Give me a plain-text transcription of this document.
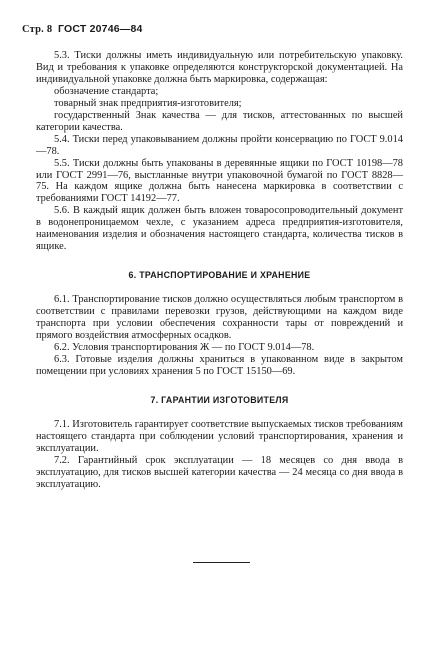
Стр. 8 ГОСТ 20746—84

5.3. Тиски должны иметь индивидуальную или потребительскую упаковку. Вид и требования к упаковке определяются конструкторской документацией. На индивидуальной упаковке должна быть маркировка, содержащая:

обозначение стандарта;

товарный знак предприятия-изготовителя;

государственный Знак качества — для тисков, аттестованных по высшей категории качества.

5.4. Тиски перед упаковыванием должны пройти консервацию по ГОСТ 9.014—78.

5.5. Тиски должны быть упакованы в деревянные ящики по ГОСТ 10198—78 или ГОСТ 2991—76, выстланные внутри упаковочной бумагой по ГОСТ 8828—75. На каждом ящике должна быть нанесена маркировка в соответствии с требованиями ГОСТ 14192—77.

5.6. В каждый ящик должен быть вложен товаросопроводительный документ в водонепроницаемом чехле, с указанием адреса предприятия-изготовителя, наименования изделия и обозначения настоящего стандарта, количества тисков в ящике.

6. ТРАНСПОРТИРОВАНИЕ И ХРАНЕНИЕ

6.1. Транспортирование тисков должно осуществляться любым транспортом в соответствии с правилами перевозки грузов, действующими на каждом виде транспорта при условии обеспечения сохранности тары от повреждений и прямого воздействия атмосферных осадков.

6.2. Условия транспортирования Ж — по ГОСТ 9.014—78.

6.3. Готовые изделия должны храниться в упакованном виде в закрытом помещении при условиях хранения 5 по ГОСТ 15150—69.

7. ГАРАНТИИ ИЗГОТОВИТЕЛЯ

7.1. Изготовитель гарантирует соответствие выпускаемых тисков требованиям настоящего стандарта при соблюдении условий транспортирования, хранения и эксплуатации.

7.2. Гарантийный срок эксплуатации — 18 месяцев со дня ввода в эксплуатацию, для тисков высшей категории качества — 24 месяца со дня ввода в эксплуатацию.
